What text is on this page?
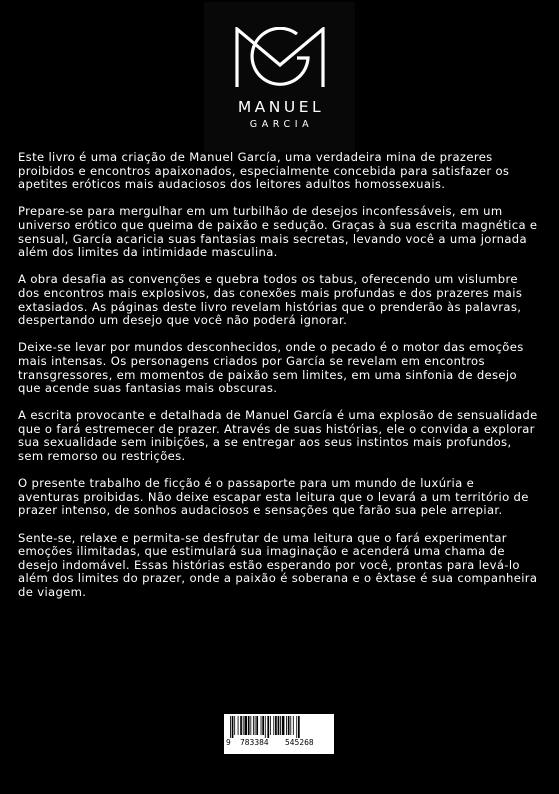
MANUEL
GARCIA

Este livro é uma criação de Manuel García, uma verdadeira mina de prazeres proibidos e encontros apaixonados, especialmente concebida para satisfazer os apetites eróticos mais audaciosos dos leitores adultos homossexuais.

Prepare-se para mergulhar em um turbilhão de desejos inconfessáveis, em um universo erótico que queima de paixão e sedução. Graças à sua escrita magnética e sensual, García acaricia suas fantasias mais secretas, levando você a uma jornada além dos limites da intimidade masculina.

A obra desafia as convenções e quebra todos os tabus, oferecendo um vislumbre dos encontros mais explosivos, das conexões mais profundas e dos prazeres mais extasiados. As páginas deste livro revelam histórias que o prenderão às palavras, despertando um desejo que você não poderá ignorar.

Deixe-se levar por mundos desconhecidos, onde o pecado é o motor das emoções mais intensas. Os personagens criados por García se revelam em encontros transgressores, em momentos de paixão sem limites, em uma sinfonia de desejo que acende suas fantasias mais obscuras.

A escrita provocante e detalhada de Manuel García é uma explosão de sensualidade que o fará estremecer de prazer. Através de suas histórias, ele o convida a explorar sua sexualidade sem inibições, a se entregar aos seus instintos mais profundos, sem remorso ou restrições.

O presente trabalho de ficção é o passaporte para um mundo de luxúria e aventuras proibidas. Não deixe escapar esta leitura que o levará a um território de prazer intenso, de sonhos audaciosos e sensações que farão sua pele arrepiar.

Sente-se, relaxe e permita-se desfrutar de uma leitura que o fará experimentar emoções ilimitadas, que estimulará sua imaginação e acenderá uma chama de desejo indomável. Essas histórias estão esperando por você, prontas para levá-lo além dos limites do prazer, onde a paixão é soberana e o êxtase é sua companheira de viagem.

9 783384 545268
